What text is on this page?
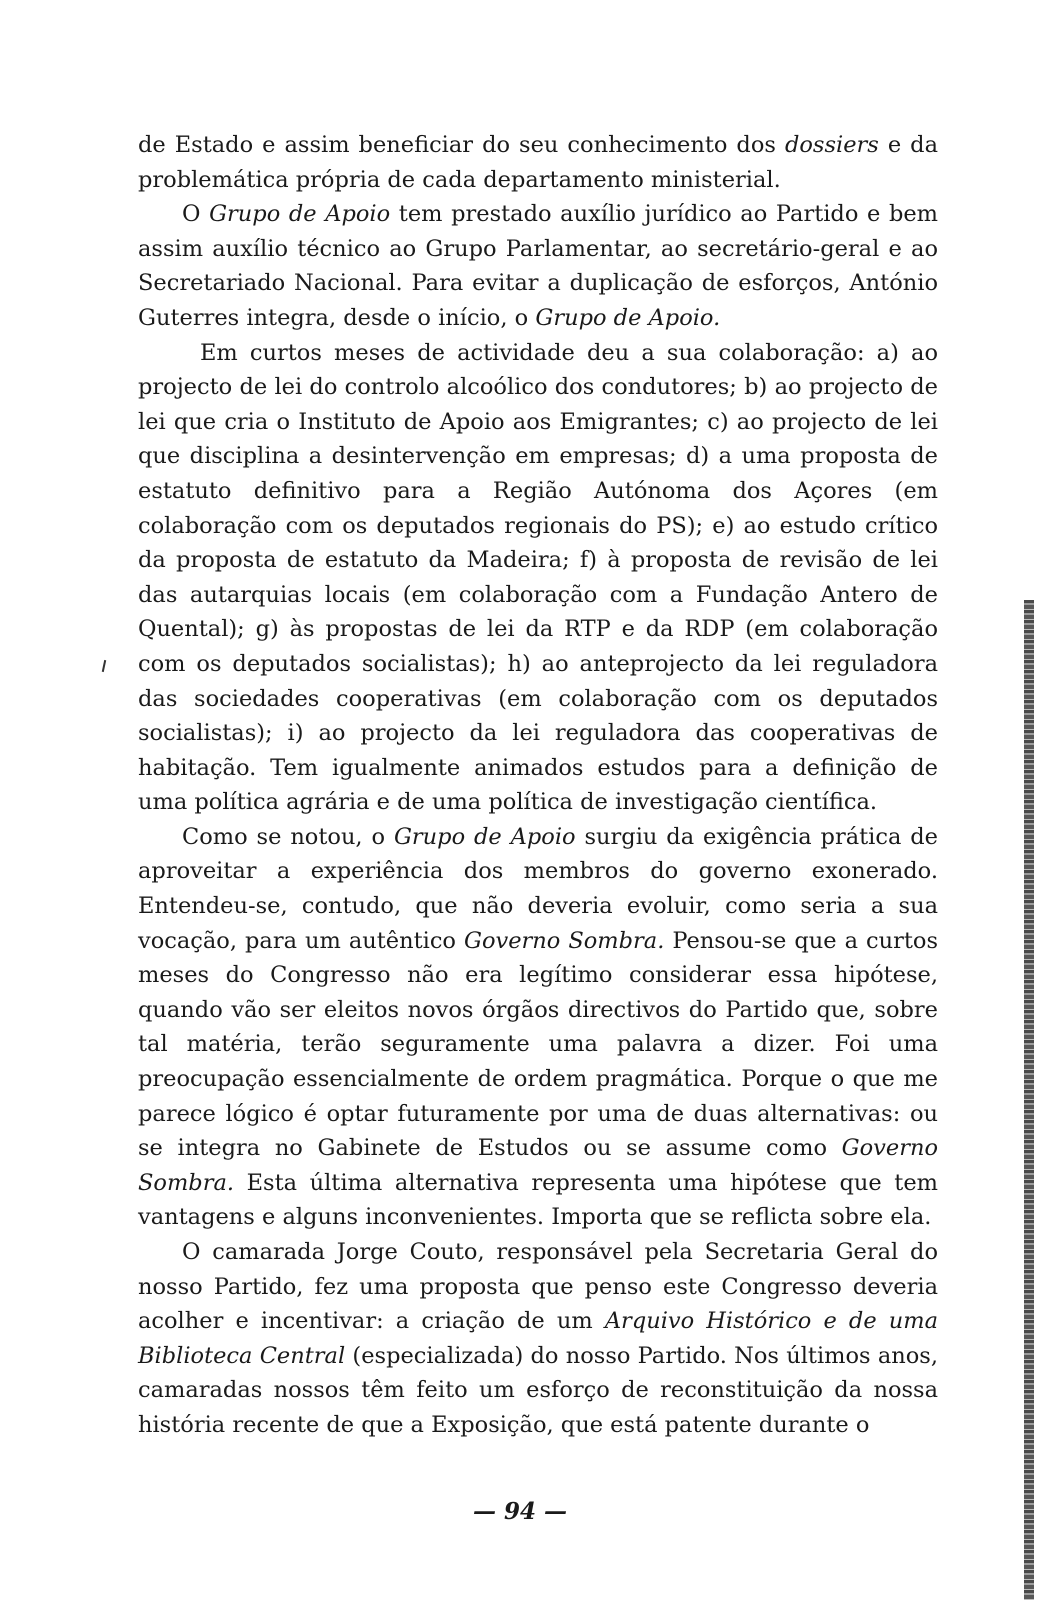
de Estado e assim beneficiar do seu conhecimento dos dossiers e da problemática própria de cada departamento ministerial.

O Grupo de Apoio tem prestado auxílio jurídico ao Partido e bem assim auxílio técnico ao Grupo Parlamentar, ao secretário-geral e ao Secretariado Nacional. Para evitar a duplicação de esforços, António Guterres integra, desde o início, o Grupo de Apoio.

Em curtos meses de actividade deu a sua colaboração: a) ao projecto de lei do controlo alcoólico dos condutores; b) ao projecto de lei que cria o Instituto de Apoio aos Emigrantes; c) ao projecto de lei que disciplina a desintervenção em empresas; d) a uma proposta de estatuto definitivo para a Região Autónoma dos Açores (em colaboração com os deputados regionais do PS); e) ao estudo crítico da proposta de estatuto da Madeira; f) à proposta de revisão de lei das autarquias locais (em colaboração com a Fundação Antero de Quental); g) às propostas de lei da RTP e da RDP (em colaboração com os deputados socialistas); h) ao anteprojecto da lei reguladora das sociedades cooperativas (em colaboração com os deputados socialistas); i) ao projecto da lei reguladora das cooperativas de habitação. Tem igualmente animados estudos para a definição de uma política agrária e de uma política de investigação científica.

Como se notou, o Grupo de Apoio surgiu da exigência prática de aproveitar a experiência dos membros do governo exonerado. Entendeu-se, contudo, que não deveria evoluir, como seria a sua vocação, para um autêntico Governo Sombra. Pensou-se que a curtos meses do Congresso não era legítimo considerar essa hipótese, quando vão ser eleitos novos órgãos directivos do Partido que, sobre tal matéria, terão seguramente uma palavra a dizer. Foi uma preocupação essencialmente de ordem pragmática. Porque o que me parece lógico é optar futuramente por uma de duas alternativas: ou se integra no Gabinete de Estudos ou se assume como Governo Sombra. Esta última alternativa representa uma hipótese que tem vantagens e alguns inconvenientes. Importa que se reflicta sobre ela.

O camarada Jorge Couto, responsável pela Secretaria Geral do nosso Partido, fez uma proposta que penso este Congresso deveria acolher e incentivar: a criação de um Arquivo Histórico e de uma Biblioteca Central (especializada) do nosso Partido. Nos últimos anos, camaradas nossos têm feito um esforço de reconstituição da nossa história recente de que a Exposição, que está patente durante o

— 94 —
